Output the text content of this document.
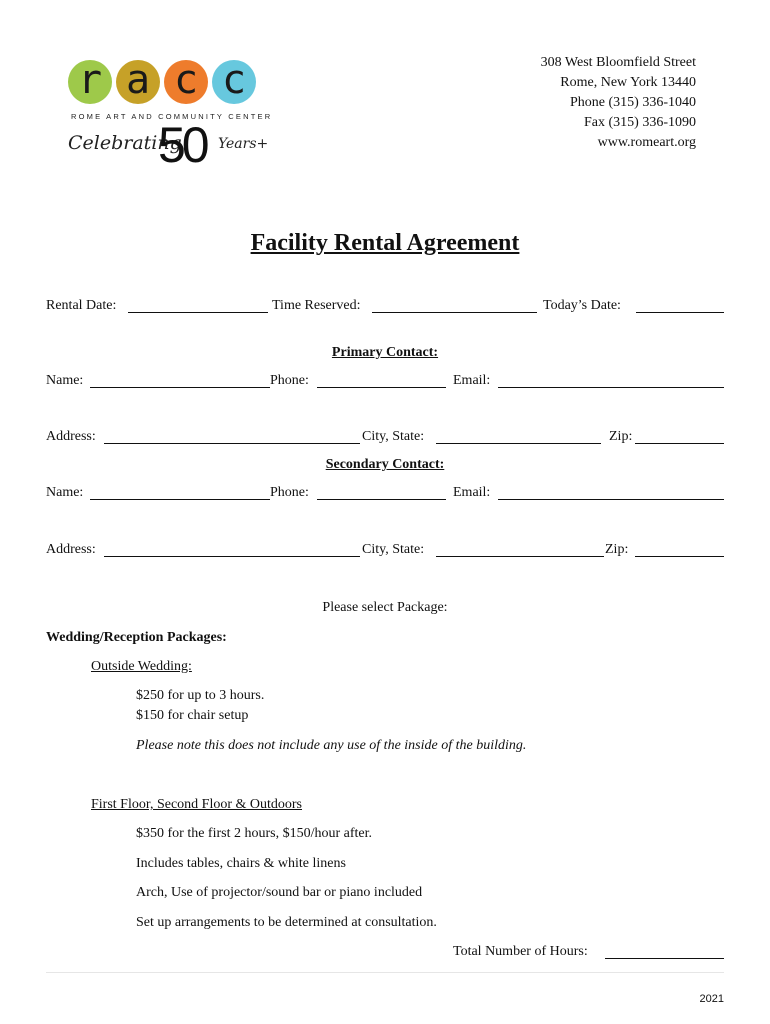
r a c c
ROME ART AND COMMUNITY CENTER
Celebrating
50 Years+
308 West Bloomfield Street
Rome, New York 13440
Phone (315) 336-1040
Fax (315) 336-1090
www.romeart.org
Facility Rental Agreement
Rental Date:	Time Reserved:	Today’s Date:
Primary Contact:
Name:	Phone:	Email:
Address:	City, State:	Zip:
Secondary Contact:
Name:	Phone:	Email:
Address:	City, State:	Zip:
Please select Package:
Wedding/Reception Packages:
Outside Wedding:
$250 for up to 3 hours.
$150 for chair setup
Please note this does not include any use of the inside of the building.
First Floor, Second Floor & Outdoors
$350 for the first 2 hours, $150/hour after.
Includes tables, chairs & white linens
Arch, Use of projector/sound bar or piano included
Set up arrangements to be determined at consultation.
Total Number of Hours:
2021
